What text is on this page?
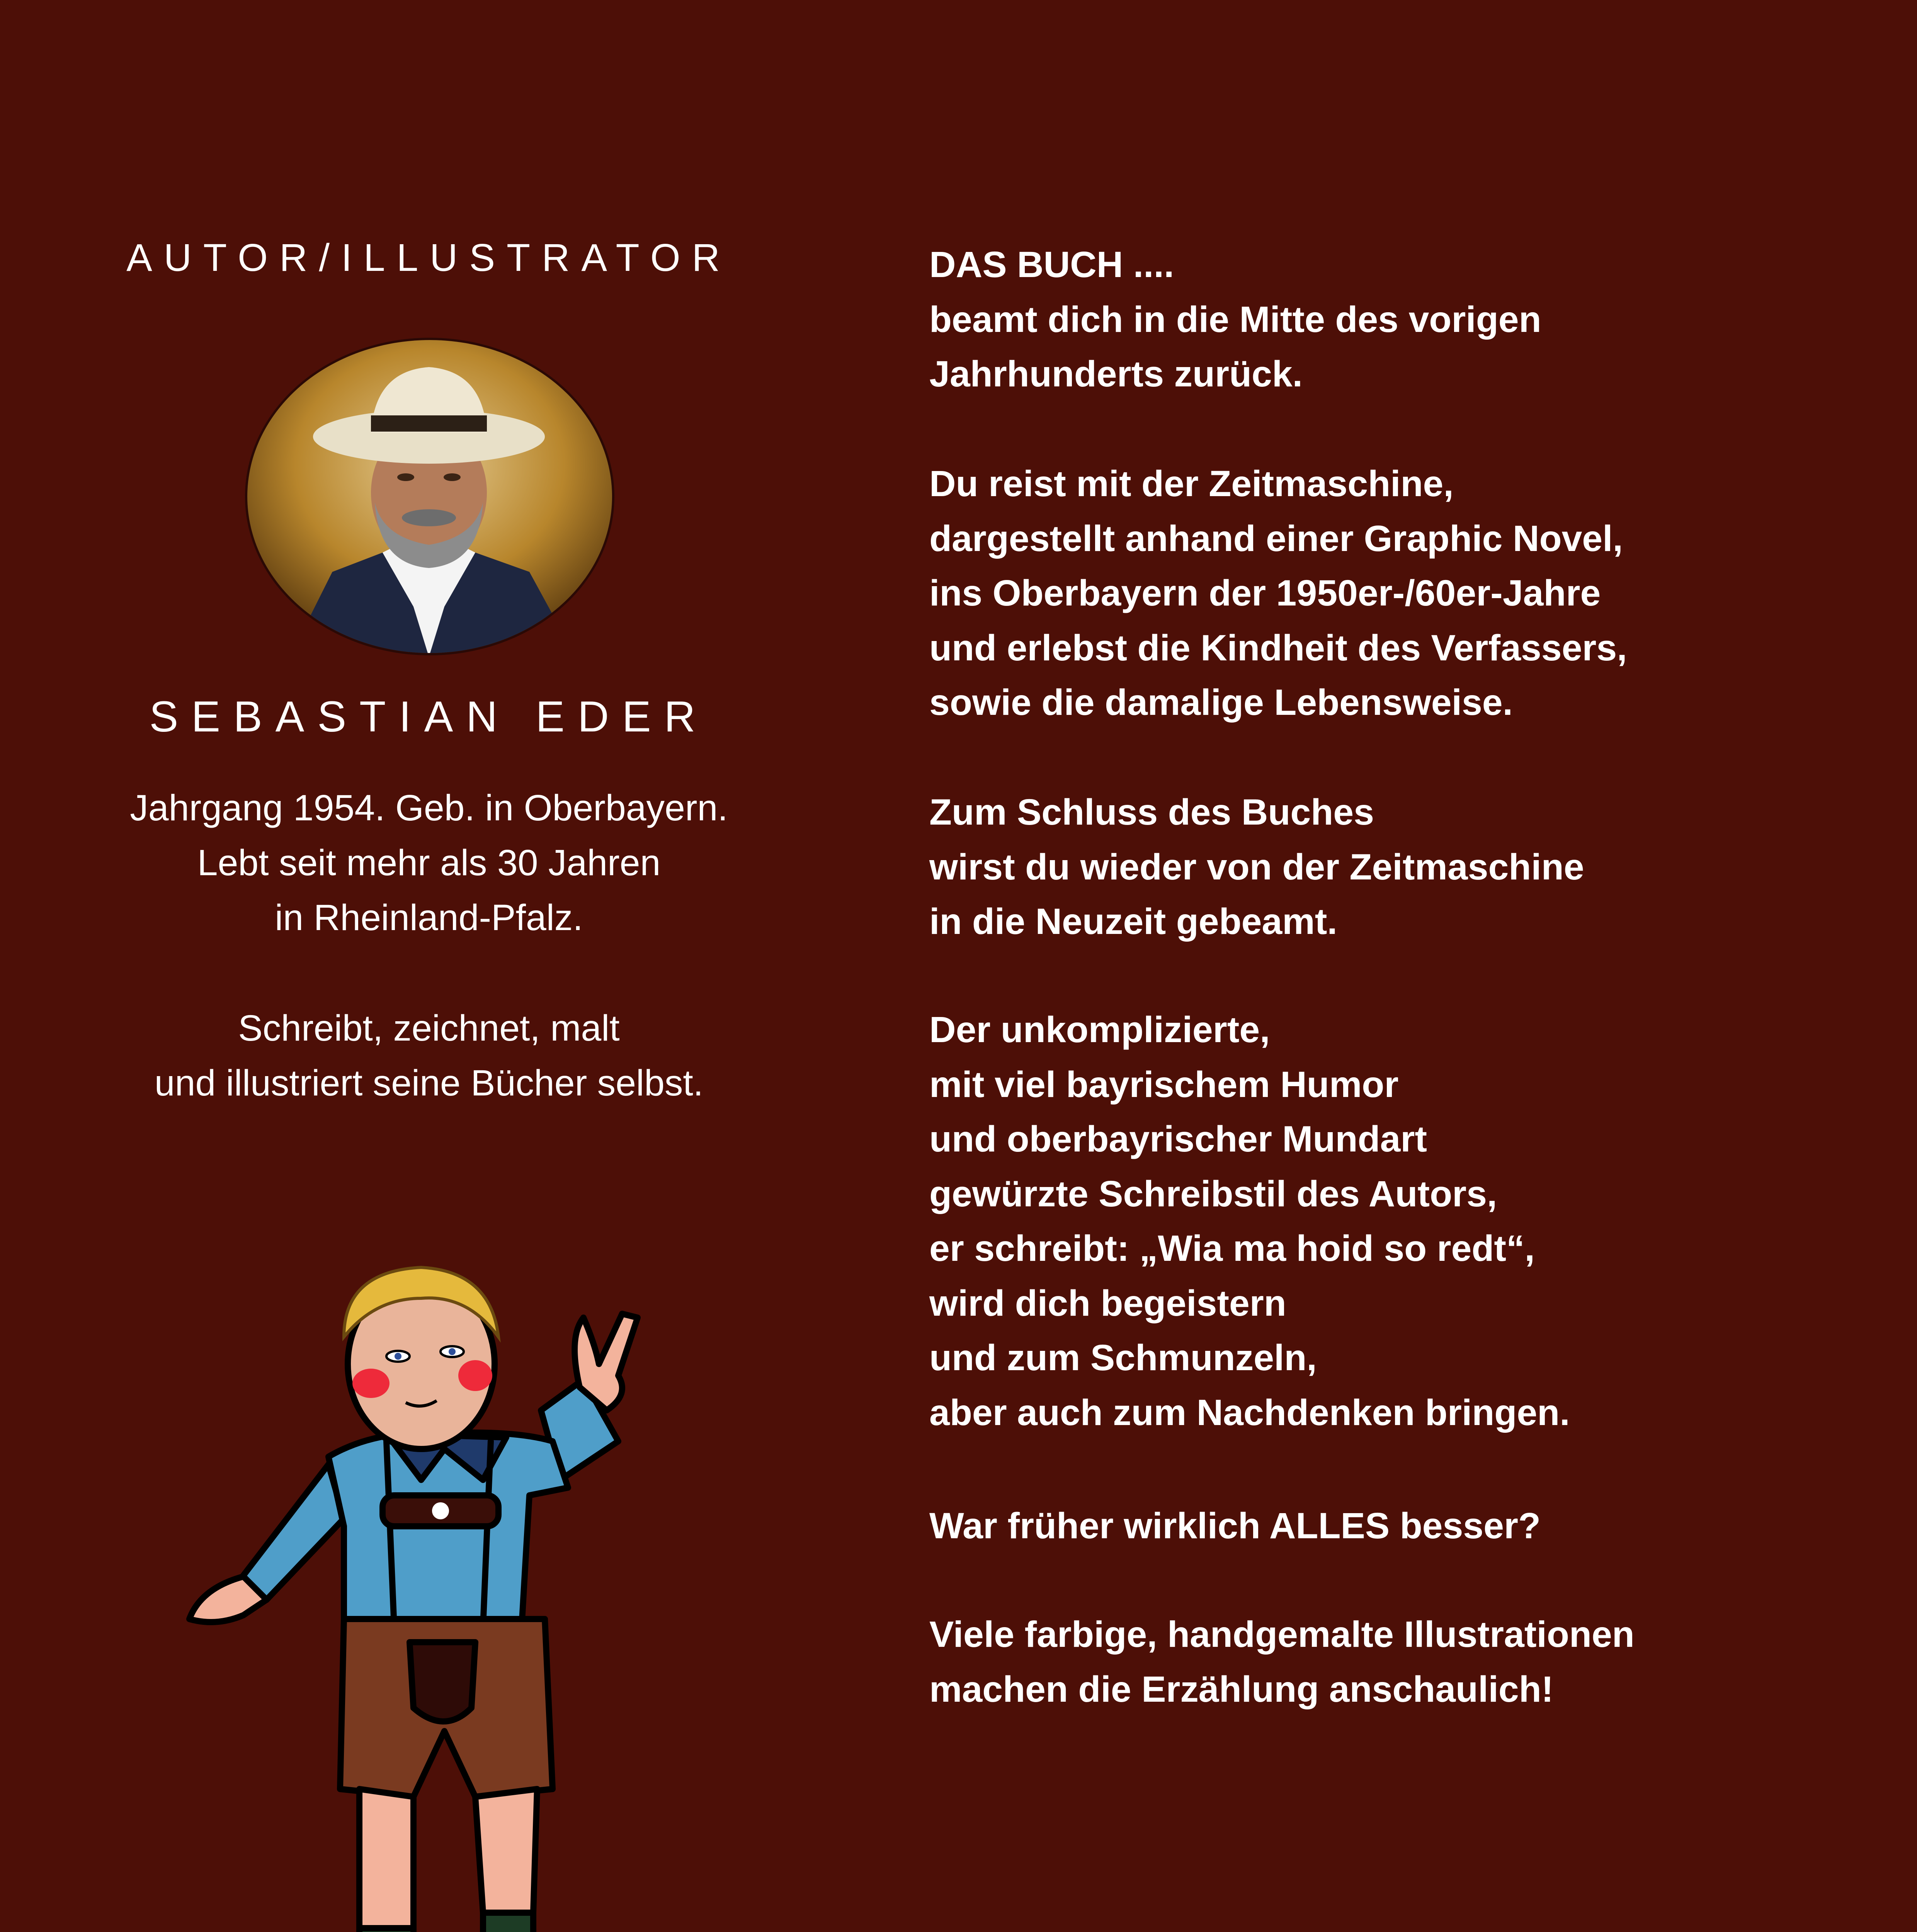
AUTOR/ILLUSTRATOR
SEBASTIAN EDER
Jahrgang 1954. Geb. in Oberbayern.
Lebt seit mehr als 30 Jahren
in Rheinland-Pfalz.
Schreibt, zeichnet, malt
und illustriert seine Bücher selbst.
DAS BUCH ....
beamt dich in die Mitte des vorigen
Jahrhunderts zurück.
Du reist mit der Zeitmaschine,
dargestellt anhand einer Graphic Novel,
ins Oberbayern der 1950er-/60er-Jahre
und erlebst die Kindheit des Verfassers,
sowie die damalige Lebensweise.
Zum Schluss des Buches
wirst du wieder von der Zeitmaschine
in die Neuzeit gebeamt.
Der unkomplizierte,
mit viel bayrischem Humor
und oberbayrischer Mundart
gewürzte Schreibstil des Autors,
er schreibt: „Wia ma hoid so redt“,
wird dich begeistern
und zum Schmunzeln,
aber auch zum Nachdenken bringen.
War früher wirklich ALLES besser?
Viele farbige, handgemalte Illustrationen
machen die Erzählung anschaulich!
